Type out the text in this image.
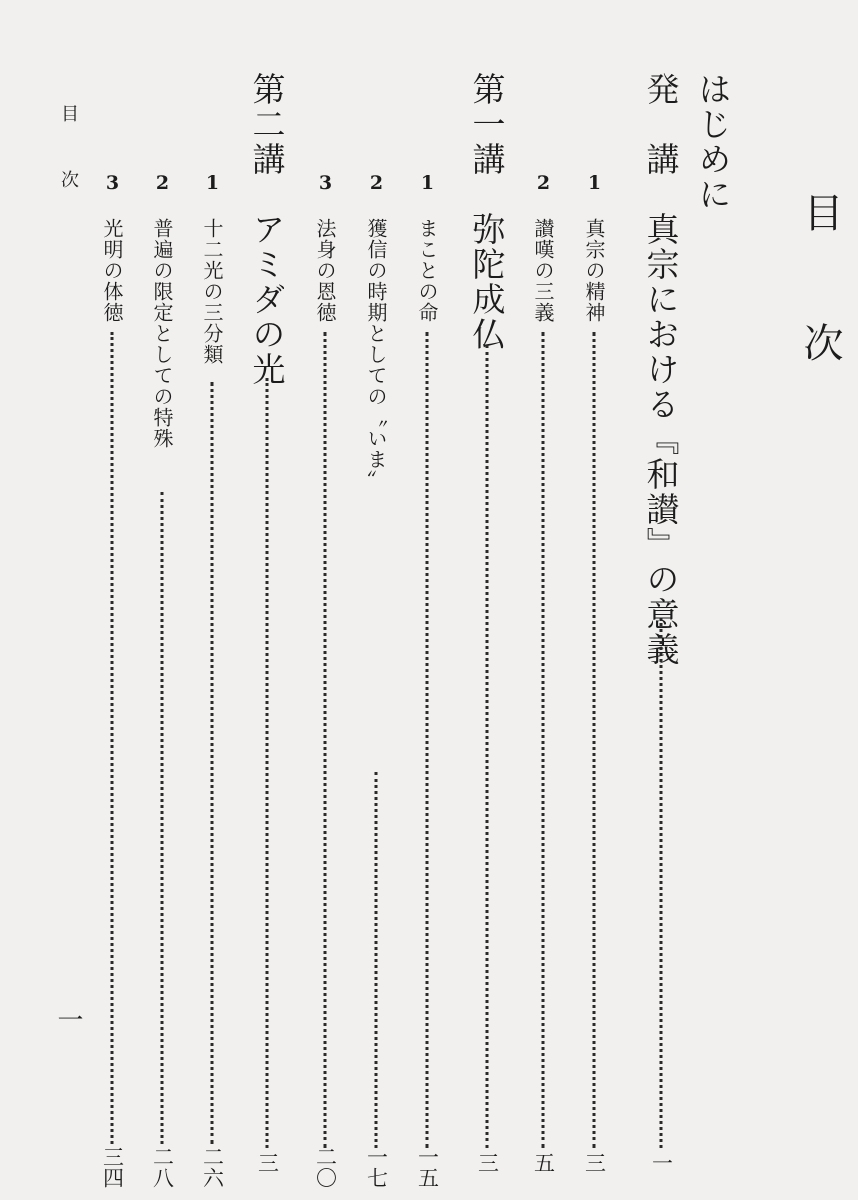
目次
はじめに
発　講　真宗における『和讃』の意義
一
1
真宗の精神
三
2
讃嘆の三義
五
第一講　弥陀成仏
三
1
まことの命
一五
2
獲信の時期としての〝いま〟
一七
3
法身の恩徳
二〇
第二講　アミダの光
三
1
十二光の三分類
二六
2
普遍の限定としての特殊
二八
3
光明の体徳
三四
目次
一
